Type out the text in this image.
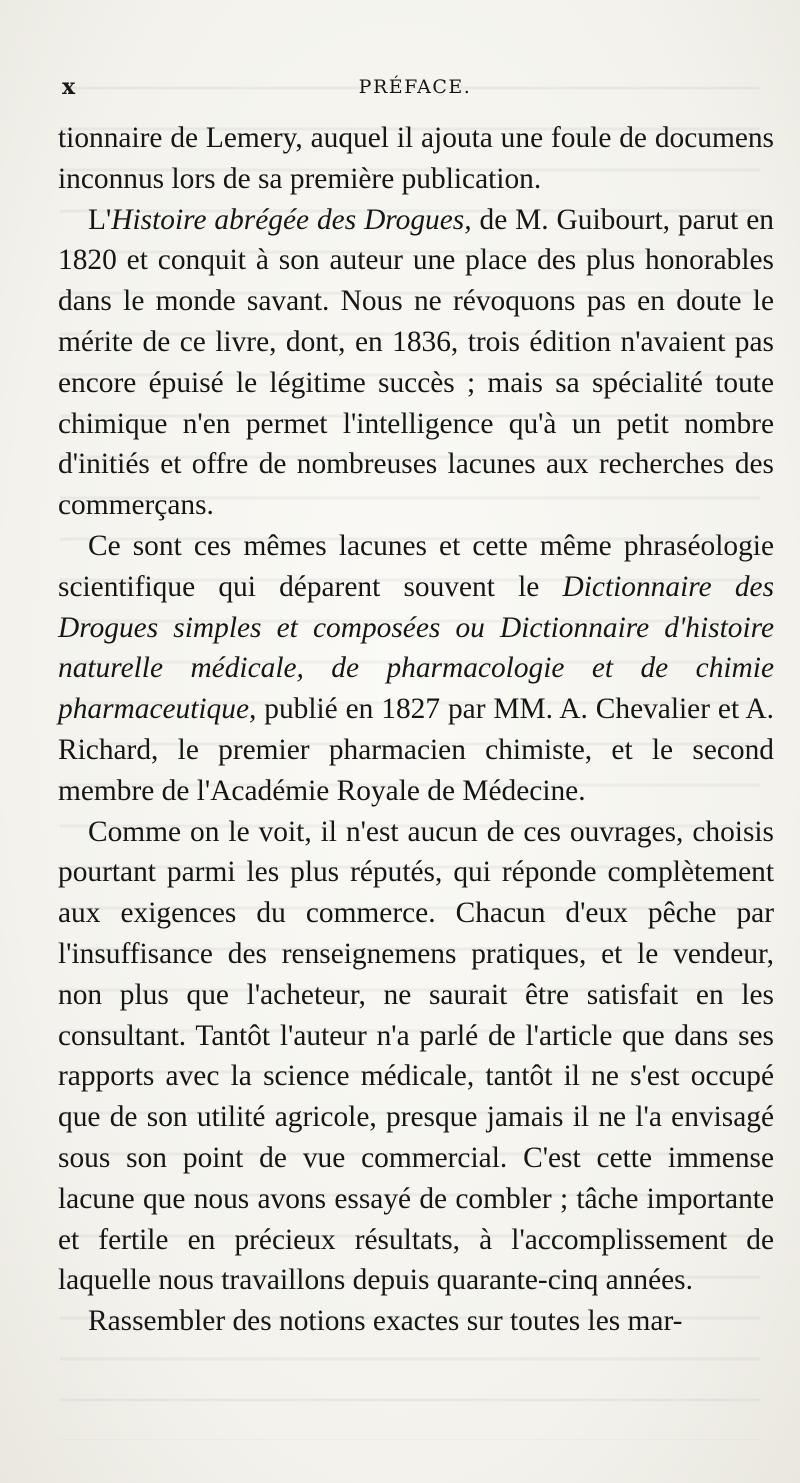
x	PRÉFACE.

tionnaire de Lemery, auquel il ajouta une foule de documens inconnus lors de sa première publication.

L'Histoire abrégée des Drogues, de M. Guibourt, parut en 1820 et conquit à son auteur une place des plus honorables dans le monde savant. Nous ne révoquons pas en doute le mérite de ce livre, dont, en 1836, trois édition n'avaient pas encore épuisé le légitime succès ; mais sa spécialité toute chimique n'en permet l'intelligence qu'à un petit nombre d'initiés et offre de nombreuses lacunes aux recherches des commerçans.

Ce sont ces mêmes lacunes et cette même phraséologie scientifique qui déparent souvent le Dictionnaire des Drogues simples et composées ou Dictionnaire d'histoire naturelle médicale, de pharmacologie et de chimie pharmaceutique, publié en 1827 par MM. A. Chevalier et A. Richard, le premier pharmacien chimiste, et le second membre de l'Académie Royale de Médecine.

Comme on le voit, il n'est aucun de ces ouvrages, choisis pourtant parmi les plus réputés, qui réponde complètement aux exigences du commerce. Chacun d'eux pêche par l'insuffisance des renseignemens pratiques, et le vendeur, non plus que l'acheteur, ne saurait être satisfait en les consultant. Tantôt l'auteur n'a parlé de l'article que dans ses rapports avec la science médicale, tantôt il ne s'est occupé que de son utilité agricole, presque jamais il ne l'a envisagé sous son point de vue commercial. C'est cette immense lacune que nous avons essayé de combler ; tâche importante et fertile en précieux résultats, à l'accomplissement de laquelle nous travaillons depuis quarante-cinq années.

Rassembler des notions exactes sur toutes les mar-
